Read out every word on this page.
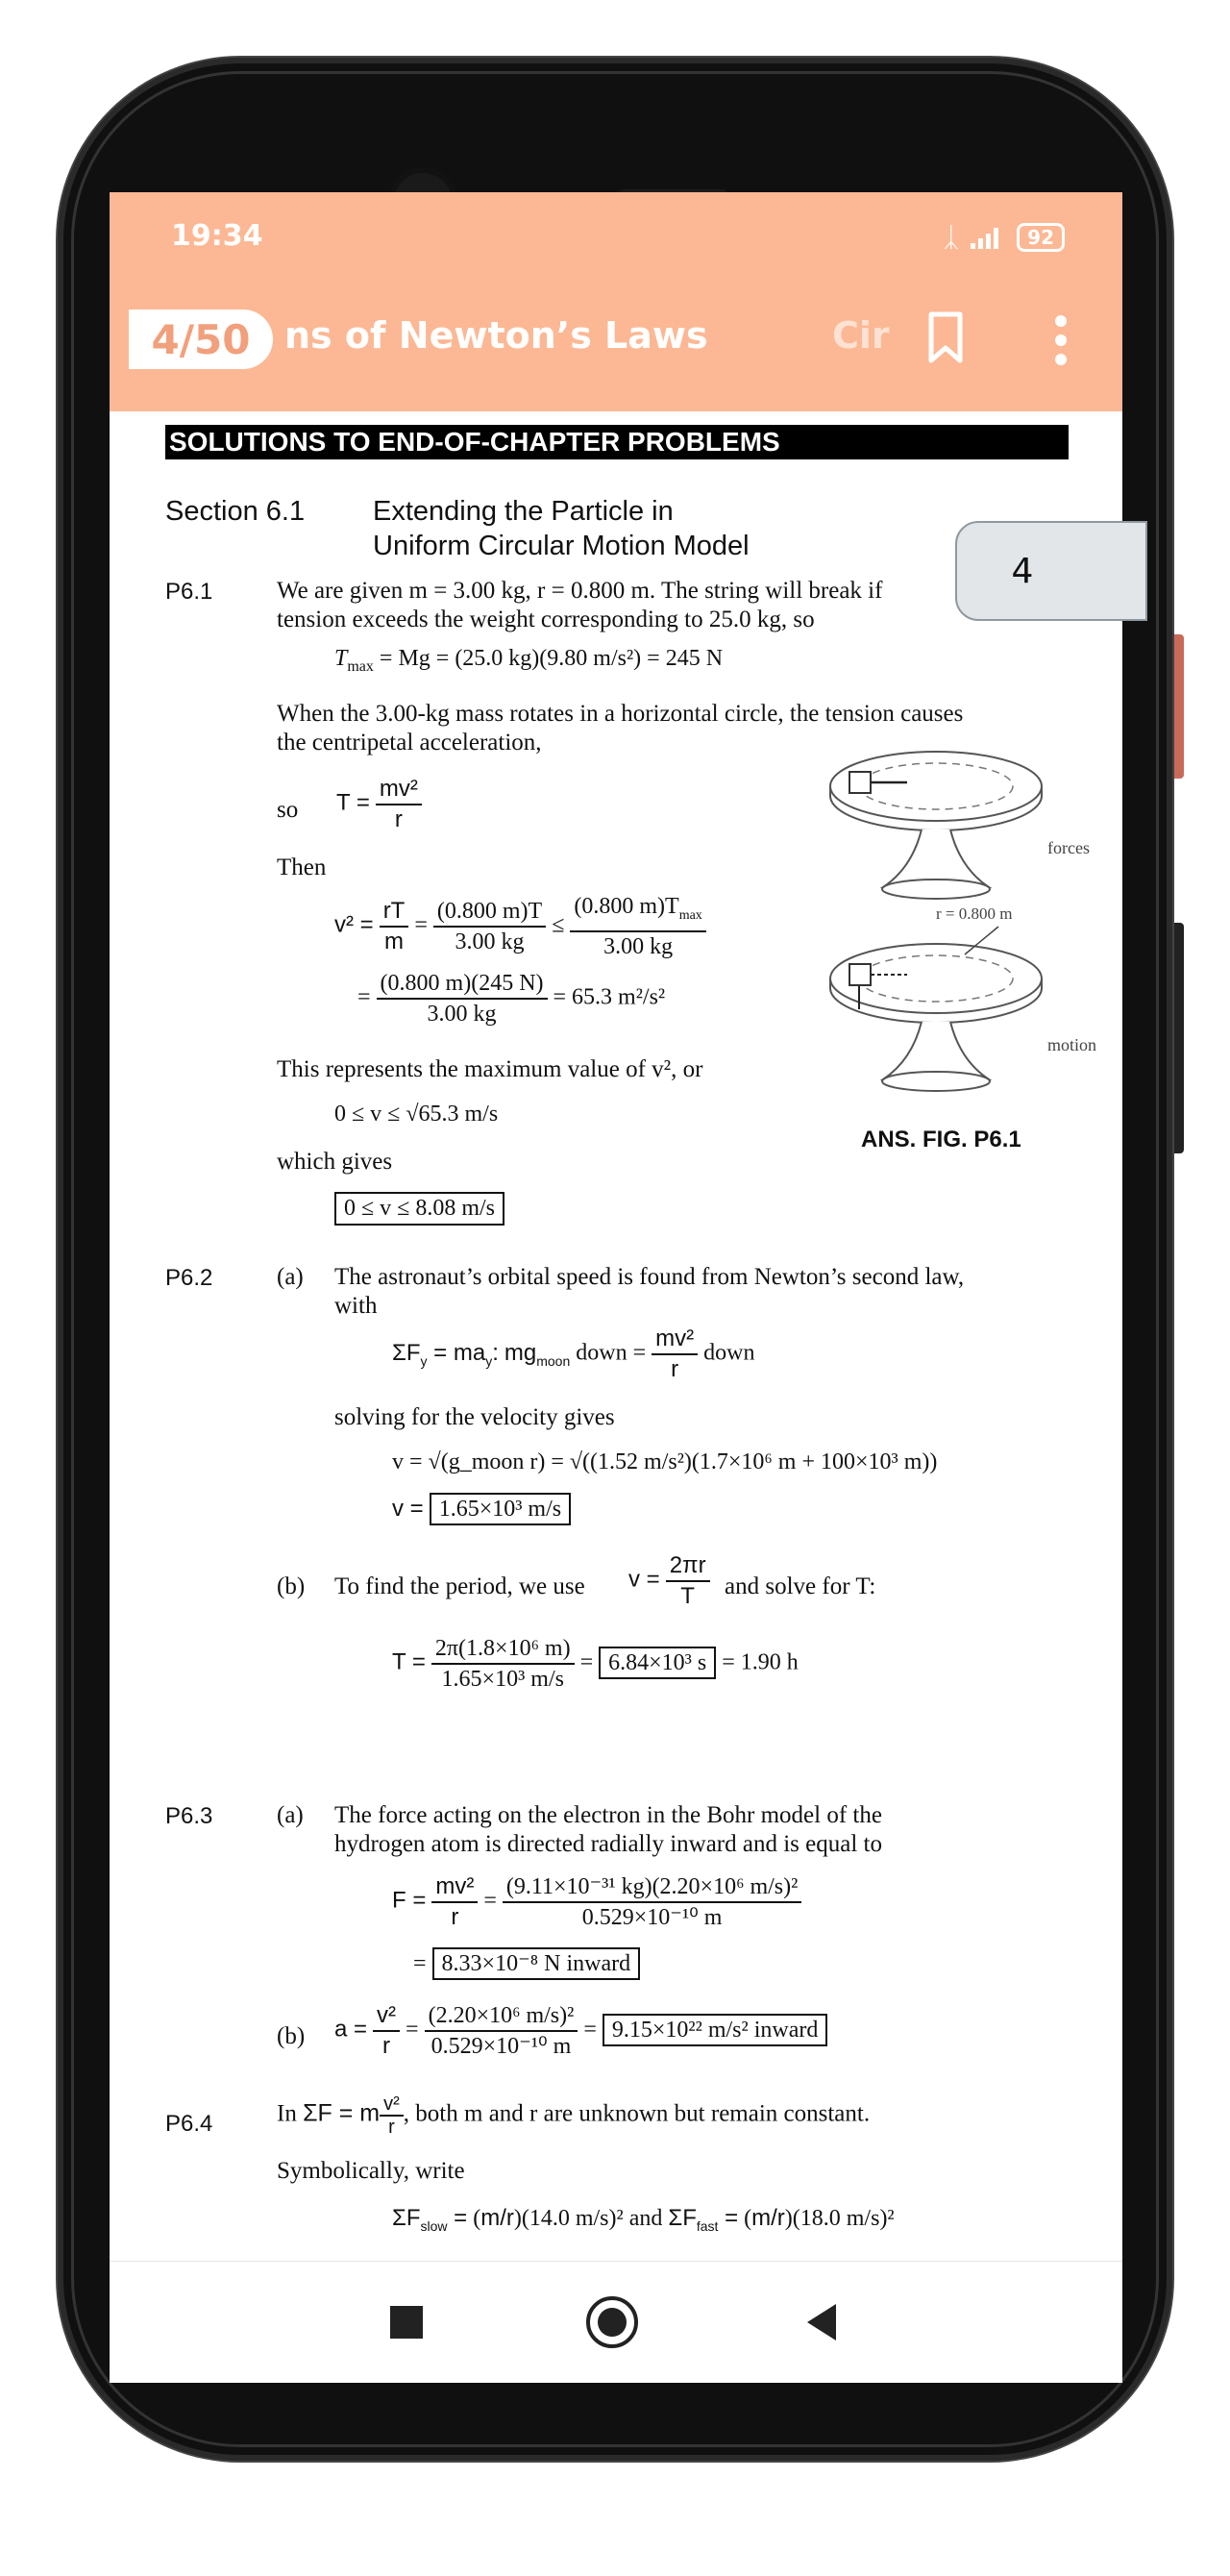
19:34	ᛣ	92
4/50 ns of Newton’s Laws	Cir
SOLUTIONS TO END-OF-CHAPTER PROBLEMS
Section 6.1 Extending the Particle in
Uniform Circular Motion Model
4
P6.1	We are given m = 3.00 kg, r = 0.800 m. The string will break if
tension exceeds the weight corresponding to 25.0 kg, so
$T_{max} = Mg = (25.0$ kg)(9.80 m/s²) = 245 N
When the 3.00-kg mass rotates in a horizontal circle, the tension causes
the centripetal acceleration,
so $T = \frac{\text{mv²}}{r}$
Then
$v^2 = \frac{rT}{m} = \frac{(0.800 m)T}{3.00 kg} \le \frac{(0.800 m)T_{max}}{3.00 kg}$
= $\frac{(0.800 m)(245 N)}{3.00 kg} = 65.3$ m²/s²
This represents the maximum value of v², or
0 ≤ v ≤ √65.3 m/s
which gives
0 ≤ v ≤ 8.08 m/s
forces
r = 0.800 m
motion
ANS. FIG. P6.1
P6.2	(a) The astronaut’s orbital speed is found from Newton’s second law,
with
$\Sigma F_y = ma_y$: $mg_{moon}$ down = $\frac{\text{mv²}}{r}$ down
solving for the velocity gives
v = √(g_moon r) = √((1.52 m/s²)(1.7×10⁶ m + 100×10³ m))
v = 1.65×10³ m/s
(b) To find the period, we use $v = \frac{2\pi r}{T}$ and solve for T:
$T = \frac{\text{2π(1.8×10⁶ m)}}{\text{1.65×10³ m/s}} = 6.84\times 10^3$ s = 1.90 h
P6.3	(a) The force acting on the electron in the Bohr model of the
hydrogen atom is directed radially inward and is equal to
$F = \frac{\text{mv²}}{r} = \frac{\text{(9.11×10⁻³¹ kg)(2.20×10⁶ m/s)²}}{\text{0.529×10⁻¹⁰ m}}$
= 8.33×10⁻⁸ N inward
(b) $a = \frac{\text{v²}}{r} = \frac{\text{(2.20×10⁶ m/s)²}}{\text{0.529×10⁻¹⁰ m}} = 9.15\times 10^{22}$ m/s² inward
P6.4	In ΣF = m $\frac{\text{v²}}{r}$ , both m and r are unknown but remain constant.
Symbolically, write
$\Sigma F_{slow} = (m/r)(14.0$ m/s)² and $\Sigma F_{fast} = (m/r)(18.0$ m/s)²
